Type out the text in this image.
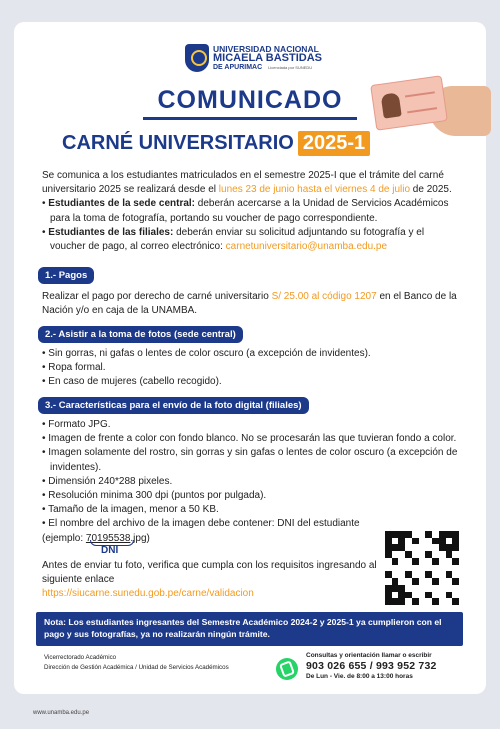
UNIVERSIDAD NACIONAL
MICAELA BASTIDAS
DE APURIMAC Licenciada por SUNEDU
COMUNICADO
CARNÉ UNIVERSITARIO 2025-1
Se comunica a los estudiantes matriculados en el semestre 2025-I que el trámite del carné universitario 2025 se realizará desde el lunes 23 de junio hasta el viernes 4 de julio de 2025.
• Estudiantes de la sede central: deberán acercarse a la Unidad de Servicios Académicos para la toma de fotografía, portando su voucher de pago correspondiente.
• Estudiantes de las filiales: deberán enviar su solicitud adjuntando su fotografía y el voucher de pago, al correo electrónico: carnetuniversitario@unamba.edu.pe
1.- Pagos
Realizar el pago por derecho de carné universitario S/ 25.00 al código 1207 en el Banco de la Nación y/o en caja de la UNAMBA.
2.- Asistir a la toma de fotos (sede central)
• Sin gorras, ni gafas o lentes de color oscuro (a excepción de invidentes).
• Ropa formal.
• En caso de mujeres (cabello recogido).
3.- Características para el envío de la foto digital (filiales)
• Formato JPG.
• Imagen de frente a color con fondo blanco. No se procesarán las que tuvieran fondo a color.
• Imagen solamente del rostro, sin gorras y sin gafas o lentes de color oscuro (a excepción de invidentes).
• Dimensión 240*288 pixeles.
• Resolución minima 300 dpi (puntos por pulgada).
• Tamaño de la imagen, menor a 50 KB.
• El nombre del archivo de la imagen debe contener: DNI del estudiante
(ejemplo: 70195538.jpg)
DNI
Antes de enviar tu foto, verifica que cumpla con los requisitos ingresando al siguiente enlace
https://siucarne.sunedu.gob.pe/carne/validacion
Nota: Los estudiantes ingresantes del Semestre Académico 2024-2 y 2025-1 ya cumplieron con el pago y sus fotografías, ya no realizarán ningún trámite.
Vicerrectorado Académico
Dirección de Gestión Académica / Unidad de Servicios Académicos
Consultas y orientación llamar o escribir
903 026 655 / 993 952 732
De Lun - Vie. de 8:00 a 13:00 horas
www.unamba.edu.pe
